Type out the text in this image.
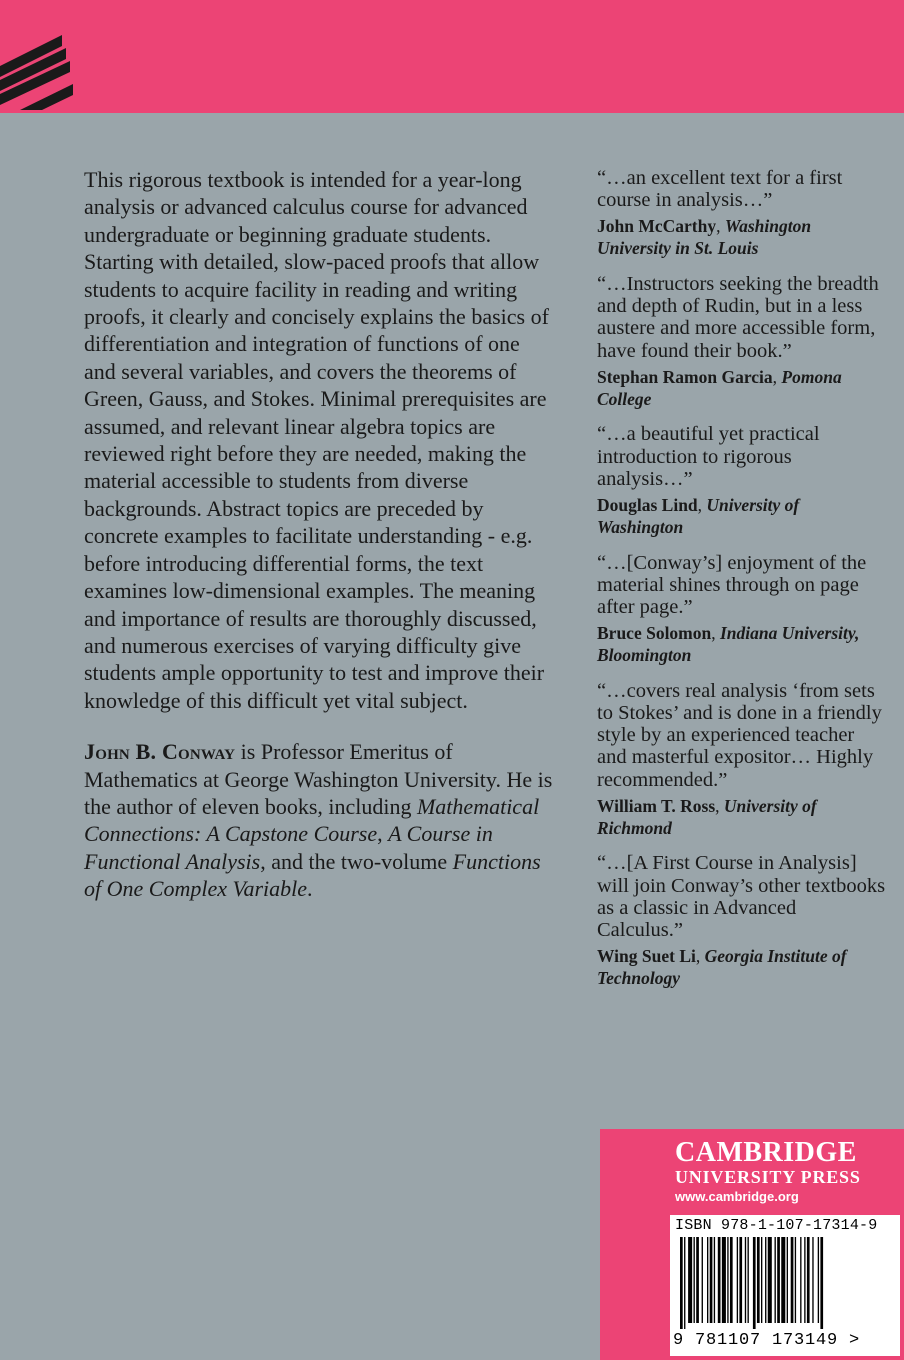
This rigorous textbook is intended for a year-long analysis or advanced calculus course for advanced undergraduate or beginning graduate students. Starting with detailed, slow-paced proofs that allow students to acquire facility in reading and writing proofs, it clearly and concisely explains the basics of differentiation and integration of functions of one and several variables, and covers the theorems of Green, Gauss, and Stokes. Minimal prerequisites are assumed, and relevant linear algebra topics are reviewed right before they are needed, making the material accessible to students from diverse backgrounds. Abstract topics are preceded by concrete examples to facilitate understanding - e.g. before introducing differential forms, the text examines low-dimensional examples. The meaning and importance of results are thoroughly discussed, and numerous exercises of varying difficulty give students ample opportunity to test and improve their knowledge of this difficult yet vital subject.

John B. Conway is Professor Emeritus of Mathematics at George Washington University. He is the author of eleven books, including Mathematical Connections: A Capstone Course, A Course in Functional Analysis, and the two-volume Functions of One Complex Variable.

“…an excellent text for a first course in analysis…”

John McCarthy, Washington University in St. Louis

“…Instructors seeking the breadth and depth of Rudin, but in a less austere and more accessible form, have found their book.”

Stephan Ramon Garcia, Pomona College

“…a beautiful yet practical introduction to rigorous analysis…”

Douglas Lind, University of Washington

“…[Conway’s] enjoyment of the material shines through on page after page.”

Bruce Solomon, Indiana University, Bloomington

“…covers real analysis ‘from sets to Stokes’ and is done in a friendly style by an experienced teacher and masterful expositor… Highly recommended.”

William T. Ross, University of Richmond

“…[A First Course in Analysis] will join Conway’s other textbooks as a classic in Advanced Calculus.”

Wing Suet Li, Georgia Institute of Technology

CAMBRIDGE

UNIVERSITY PRESS

www.cambridge.org

ISBN 978-1-107-17314-9

9 781107 173149 >
